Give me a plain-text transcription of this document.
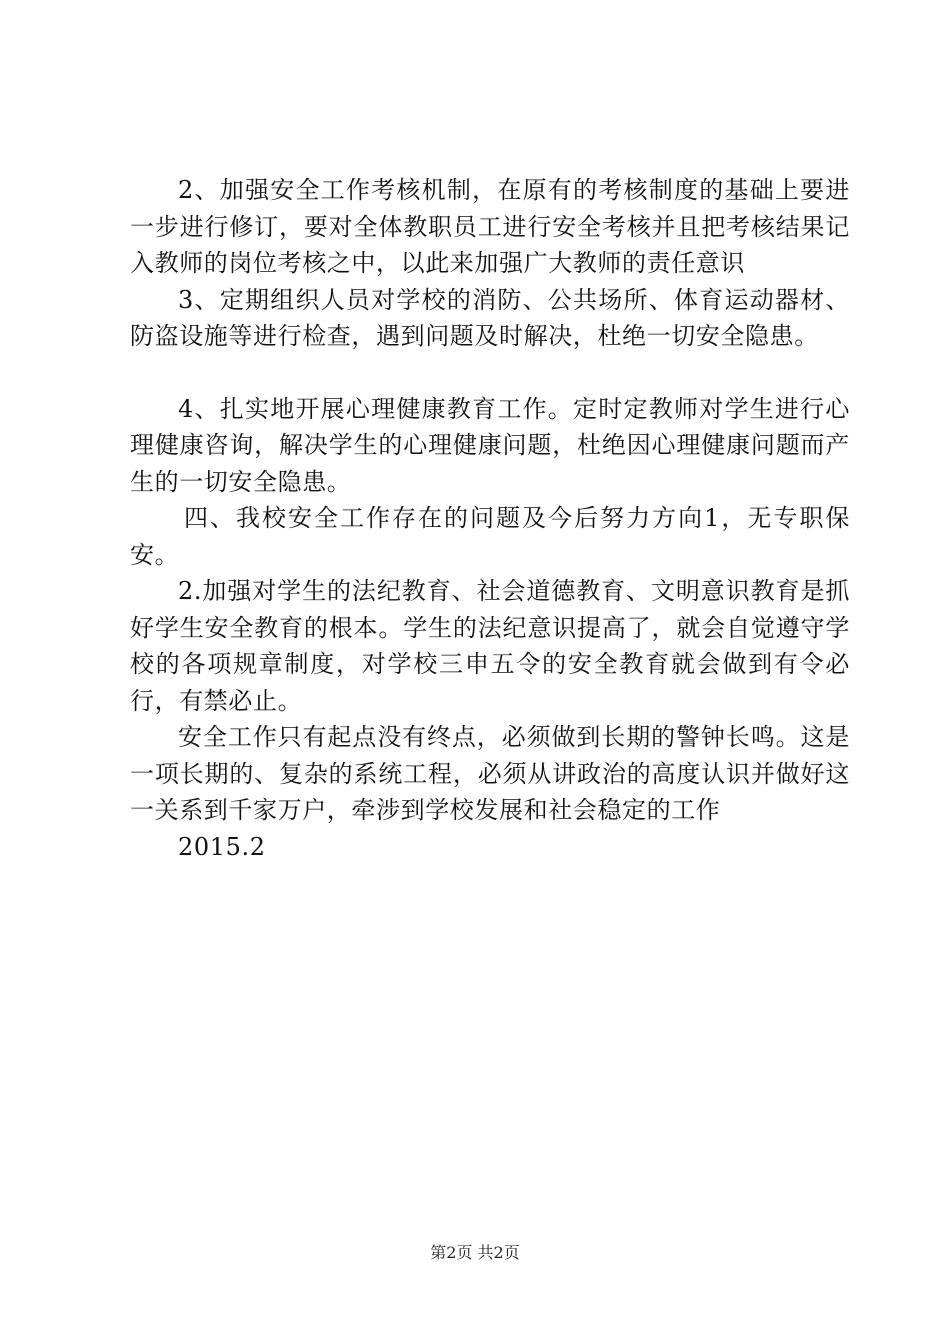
2、加强安全工作考核机制，在原有的考核制度的基础上要进一步进行修订，要对全体教职员工进行安全考核并且把考核结果记入教师的岗位考核之中，以此来加强广大教师的责任意识

3、定期组织人员对学校的消防、公共场所、体育运动器材、防盗设施等进行检查，遇到问题及时解决，杜绝一切安全隐患。

4、扎实地开展心理健康教育工作。定时定教师对学生进行心理健康咨询，解决学生的心理健康问题，杜绝因心理健康问题而产生的一切安全隐患。

四、我校安全工作存在的问题及今后努力方向1，无专职保安。

2.加强对学生的法纪教育、社会道德教育、文明意识教育是抓好学生安全教育的根本。学生的法纪意识提高了，就会自觉遵守学校的各项规章制度，对学校三申五令的安全教育就会做到有令必行，有禁必止。

安全工作只有起点没有终点，必须做到长期的警钟长鸣。这是一项长期的、复杂的系统工程，必须从讲政治的高度认识并做好这一关系到千家万户，牵涉到学校发展和社会稳定的工作

2015.2

第2页 共2页
